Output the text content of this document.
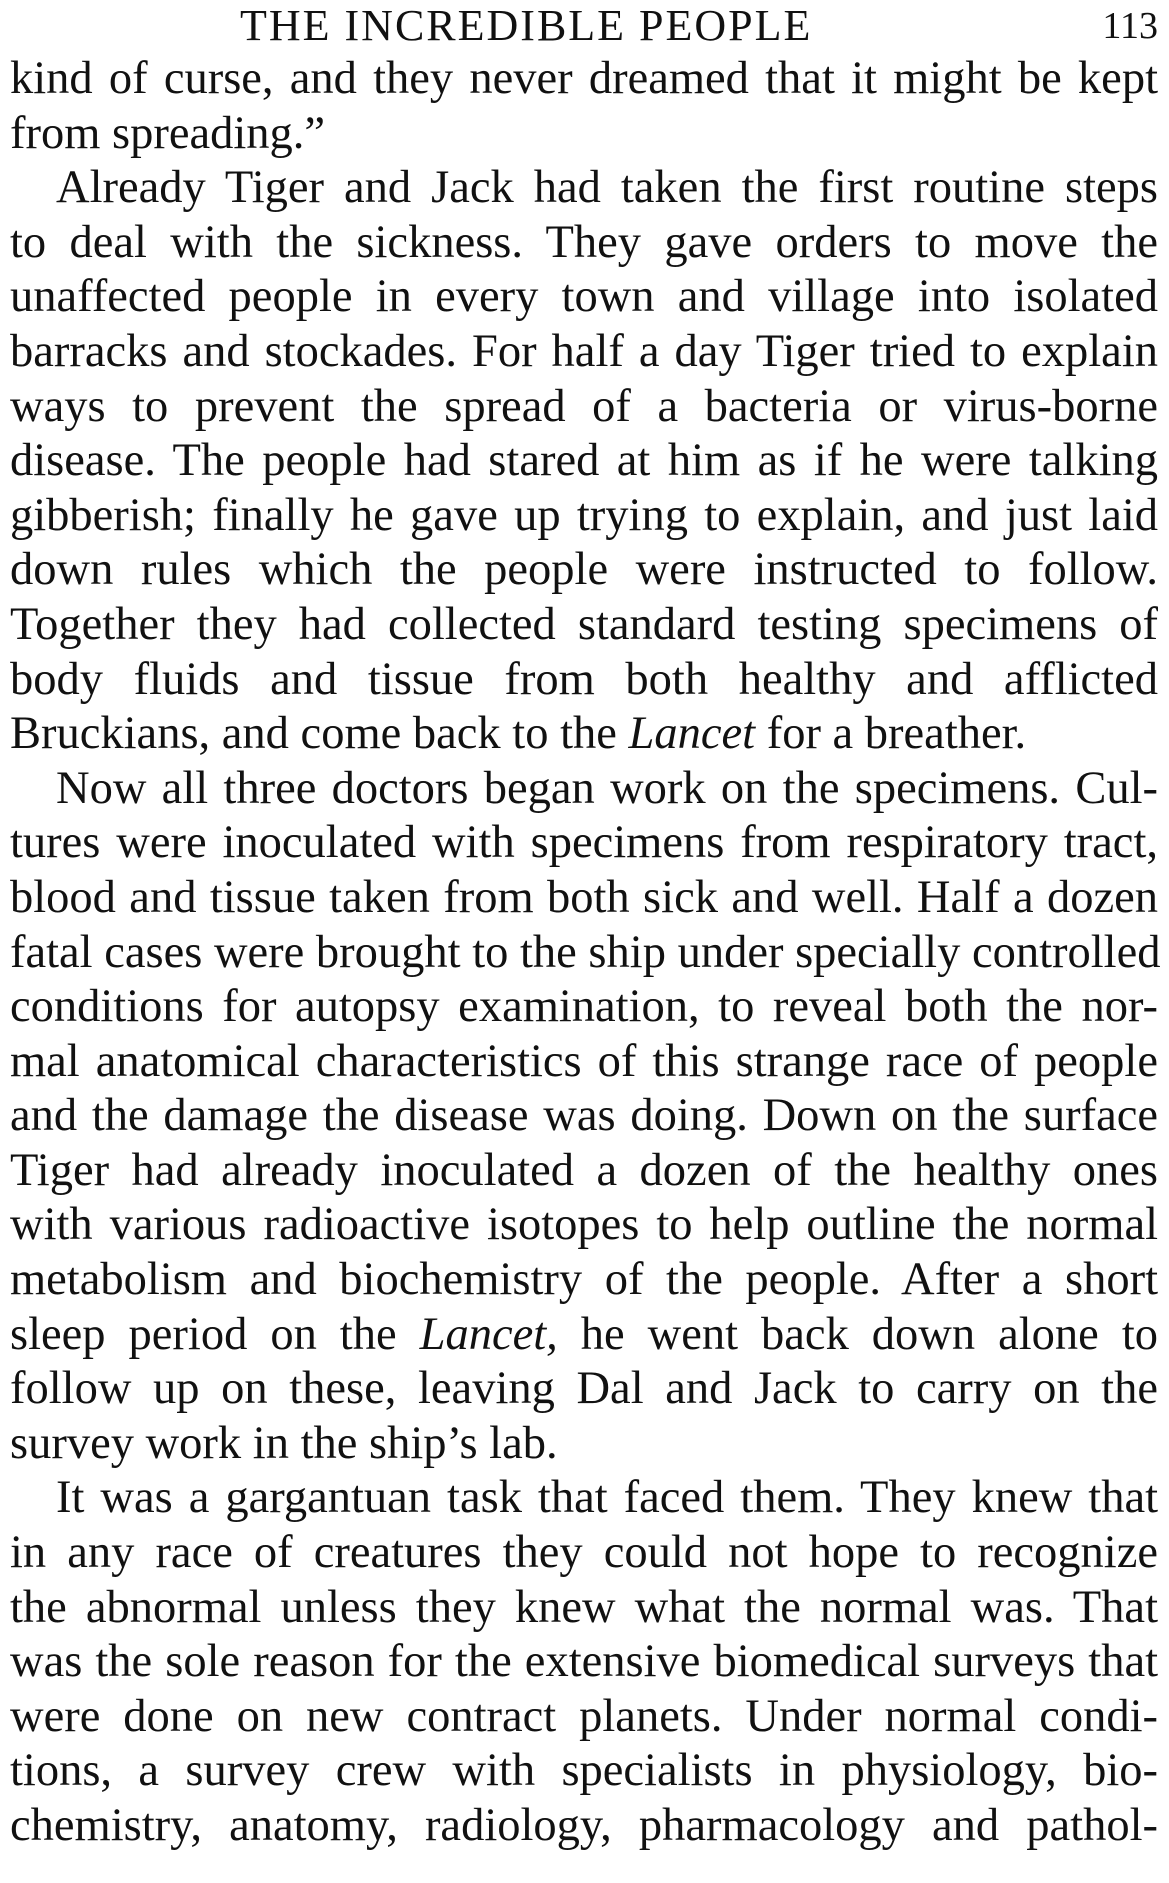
THE INCREDIBLE PEOPLE	113
kind of curse, and they never dreamed that it might be kept
from spreading.”
Already Tiger and Jack had taken the first routine steps
to deal with the sickness. They gave orders to move the
unaffected people in every town and village into isolated
barracks and stockades. For half a day Tiger tried to explain
ways to prevent the spread of a bacteria or virus-borne
disease. The people had stared at him as if he were talking
gibberish; finally he gave up trying to explain, and just laid
down rules which the people were instructed to follow.
Together they had collected standard testing specimens of
body fluids and tissue from both healthy and afflicted
Bruckians, and come back to the Lancet for a breather.
Now all three doctors began work on the specimens. Cul-
tures were inoculated with specimens from respiratory tract,
blood and tissue taken from both sick and well. Half a dozen
fatal cases were brought to the ship under specially controlled
conditions for autopsy examination, to reveal both the nor-
mal anatomical characteristics of this strange race of people
and the damage the disease was doing. Down on the surface
Tiger had already inoculated a dozen of the healthy ones
with various radioactive isotopes to help outline the normal
metabolism and biochemistry of the people. After a short
sleep period on the Lancet, he went back down alone to
follow up on these, leaving Dal and Jack to carry on the
survey work in the ship’s lab.
It was a gargantuan task that faced them. They knew that
in any race of creatures they could not hope to recognize
the abnormal unless they knew what the normal was. That
was the sole reason for the extensive biomedical surveys that
were done on new contract planets. Under normal condi-
tions, a survey crew with specialists in physiology, bio-
chemistry, anatomy, radiology, pharmacology and pathol-
